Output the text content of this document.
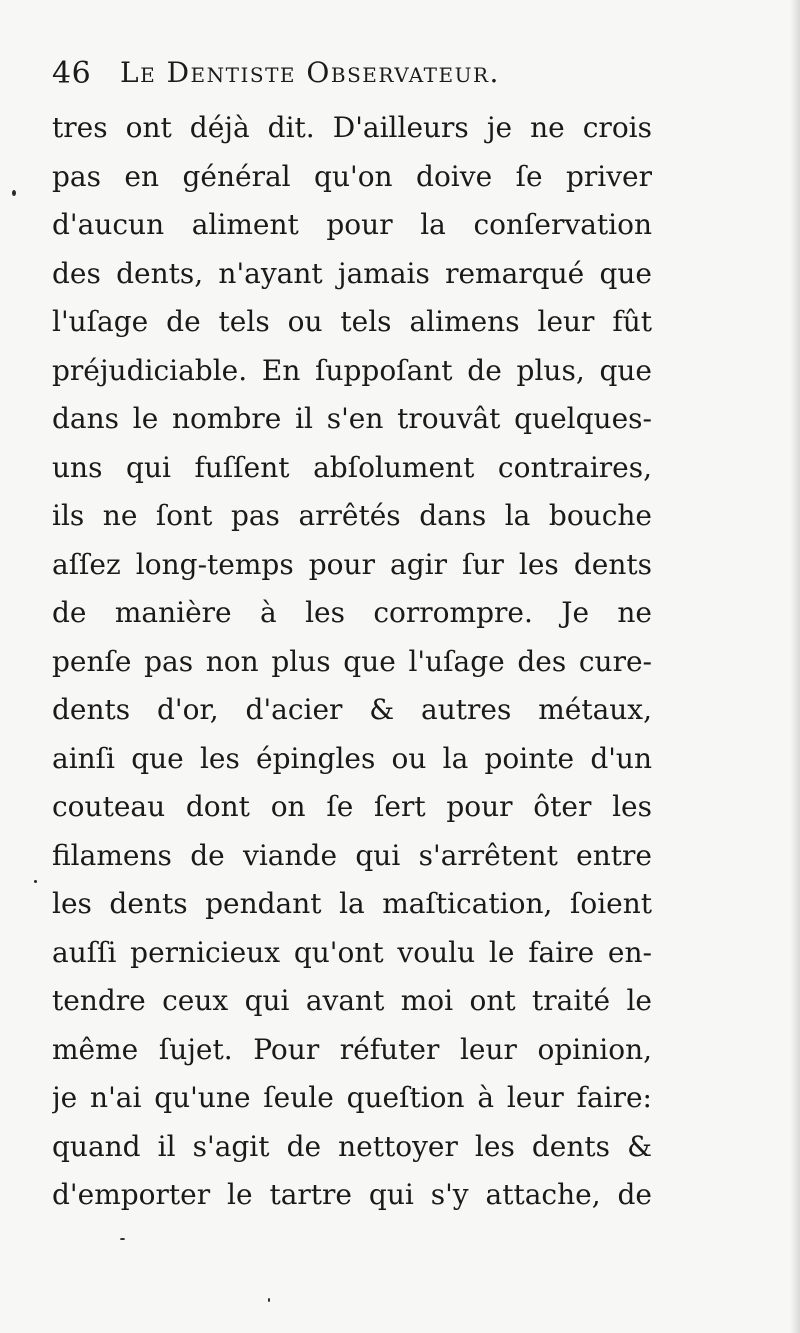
46 Le Dentiste Observateur.
tres ont déjà dit. D'ailleurs je ne crois
pas en général qu'on doive ſe priver
d'aucun aliment pour la conſervation
des dents, n'ayant jamais remarqué que
l'uſage de tels ou tels alimens leur fût
préjudiciable. En ſuppoſant de plus, que
dans le nombre il s'en trouvât quelques-
uns qui fuſſent abſolument contraires,
ils ne ſont pas arrêtés dans la bouche
aſſez long-temps pour agir ſur les dents
de manière à les corrompre. Je ne
penſe pas non plus que l'uſage des cure-
dents d'or, d'acier & autres métaux,
ainſi que les épingles ou la pointe d'un
couteau dont on ſe ſert pour ôter les
filamens de viande qui s'arrêtent entre
les dents pendant la maſtication, ſoient
auſſi pernicieux qu'ont voulu le faire en-
tendre ceux qui avant moi ont traité le
même ſujet. Pour réfuter leur opinion,
je n'ai qu'une ſeule queſtion à leur faire:
quand il s'agit de nettoyer les dents &
d'emporter le tartre qui s'y attache, de
